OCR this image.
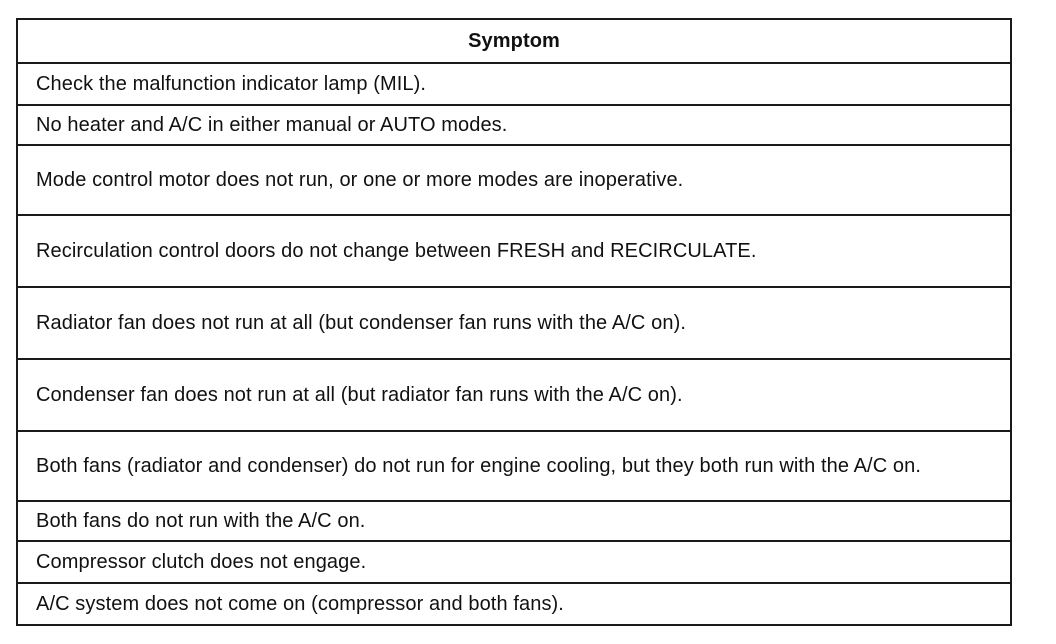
Symptom
Check the malfunction indicator lamp (MIL).
No heater and A/C in either manual or AUTO modes.
Mode control motor does not run, or one or more modes are inoperative.
Recirculation control doors do not change between FRESH and RECIRCULATE.
Radiator fan does not run at all (but condenser fan runs with the A/C on).
Condenser fan does not run at all (but radiator fan runs with the A/C on).
Both fans (radiator and condenser) do not run for engine cooling, but they both run with the A/C on.
Both fans do not run with the A/C on.
Compressor clutch does not engage.
A/C system does not come on (compressor and both fans).
